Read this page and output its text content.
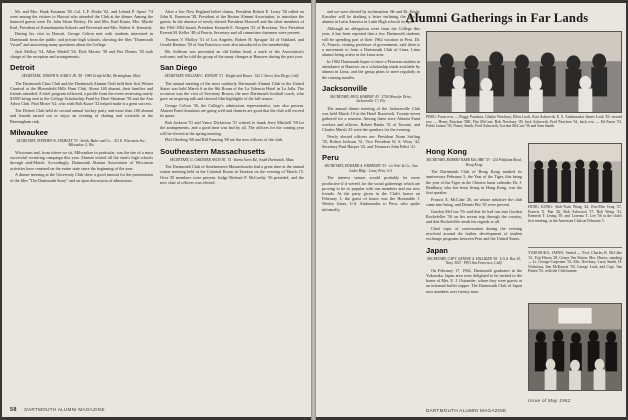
Mr. and Mrs. Hank Eastman '38, Col. L.F. Drake '62, and Leland P. Spore '74 were among the visitors to Hawaii who attended the Club at the dinner. Among the honored guests were Dr. John Sloan Dickey, Dr. and Mrs. Karl Kautz, Mrs. Myrtle Karl, President of Kamehameha Schools and Reverend and Mrs. Robert A. Kennedy.

During his visit in Hawaii, George Colton met with students interested in Dartmouth from the public and private high schools, showing the film "Dartmouth Visual" and answering many questions about the College.

Jack Molloy '54, Allen Wadell '54, Dick Mosier '38 and Fitz Dennis '30 took charge of the reception and arrangements.

Detroit

SECRETARY, JOSEPH W. KARLY JR. '58 · 1980 Grisfield Rd., Birmingham, Mich.

The Dartmouth Class Club and the Dartmouth Alumni Club held their first Winter Carnival at the Bloomfield Hills Hunt Club. About 140 alumni, their families and friends attended. A brief program followed, a profile from the event reviewing nearly $1500 being sent to the College Scholarship Fund by Dave Sherman '58 and the Ann Arbor Club. Paul Moser '62, who with Bob Kuser '32 helped make it a great success.

The Detroit Club held its second annual hockey party and more than 100 alumni and friends turned out to enjoy an evening of skating and cocktails at the Birmingham rink.

Milwaukee

SECRETARY, STEPHEN W. STAMLEY '53 · Smith, Baker and Co. · 411 E. Wisconsin Ave., Milwaukee 2, Wis.

Wisconsin and, from where we sit, Milwaukee in particular, was the site of a most successful recruiting campaign this year. Alumni visited all the state's high schools through mid-March. Accordingly, Dartmouth Alumni Association of Wisconsin activities have centered on the entire state since the beginning of the year.

A dinner meeting at the University Club drew a good turnout for the presentation of the film "The Dartmouth Story" and an open discussion of admissions.

After a few New England belief claims, President Robert E. Leary '50 called on John K. Emerson '38, President of the Boston Alumni Association, to introduce the guests. In the absence of newly elected President Maxwell and the other members of the 1961-1962 board, President Kenneth E. Norgren '52 of Brockton, Vice President Everett M. Keller '48 of Peoria, Secretary and all committee chairmen were present.

Thomas V. Molloy '51 of Los Angeles, Robert H. Sprague '44 of Oakland, and Gerald Haskins '50 of San Francisco were also introduced to the membership.

Mr. Sullivan was presented an old Indian head, a mark of the Association's welcome, and he told the group of the many changes at Hanover during the past year.

San Diego

SECRETARY, WILLIAM C. KNIGHT '51 · Knight and Bowes · 522 C Street, San Diego, Calif.

The annual meeting of the most southerly Dartmouth Alumni Club in the United States was held March 6 in the Ski Room of the La Valencia Hotel in La Jolla. The occasion was the visit of Secretary Brown, the new Dartmouth football coach, who gave an inspiring talk and showed film highlights of the fall season.

George Colton '36, the College's admissions representative, was also present. Alumni Fund donations are going well and chances are good that the club will exceed its quota.

Bob Jackson '51 and Vance Dickerson '51 wished to thank Jerry Mitchell '58 for the arrangements, and a good time was had by all. The officers for the coming year will be elected at the spring meeting.

Phil Oberling '68 and Bill Fanning '69 are the new officers of the club.

Southeastern Massachusetts

SECRETARY, G. GARDNER ASCH JR. '51 · Kama Acres Rd., South Dartmouth, Mass.

The Dartmouth Club of Southeastern Massachusetts had a great time at the annual winter meeting held at the Colonial Room in Taunton on the evening of March 15. Over 50 members were present. Judge Richard P. McCarthy '36 presided, and the new slate of officers was elected.

58 DARTMOUTH ALUMNI MAGAZINE

and we were elected by acclamation. He and Dr. Emily Kavalier will be drafting a letter outlining the idea to alumni in Latin America in Latin High schools in April.

Although no delegation went from the College this year, it has been reported that a few Dartmouth students will be spending part of their 1962 vacation in Peru. Dr. A. Francis, visiting professor of government, said there is a movement to form a Dartmouth Club of Lima, Lima alumni being active in the Lima area.

In 1962 Dartmouth hopes to have a Peruvian student in attendance at Hanover on a scholarship made available by alumni in Lima, and the group plans to meet regularly in the coming months.

Jacksonville

SECRETARY, PAUL HARPER '43 · 3728 Monofer Drive, Jacksonville 17, Fla.

The annual dinner meeting of the Jacksonville Club was held March 10 at the Hotel Roosevelt. Twenty-seven gathered for a reunion. Among them were Alumni Fund workers and officers. Robert Banks '31 of Toronto, and Charles Marsh '43 were the speakers for the evening.

Newly elected officers are: President Norm Stirling '35, Robert Jackson '31, Vice President W. S. Wray '42, Secretary Paul Harper '43, and Treasurer John Pabst '41.

Peru

SECRETARY, EDWARD A. FAIRBURN '53 · c/o Weir & Co., San Isidro Bldg. · Lima, Peru, S.A.

The interest season would probably be more productive if it weren't for the social gatherings which are proving to be so popular with our members and our new friends. At the party given in the Club's honor on February 1, the guest of honor was the Honorable J. Wesley Jones, U.S. Ambassador to Peru, who spoke informally.

Alumni Gatherings in Far Lands
PERU: Front row — Peggy Pauchon, Gladys Newbury, Ellen Look, Kati Ashworth, E. S. Ambassador James Look '29, second row — Henry Pauchon '38E, Fitz McCrae, Bob Newbury '49, Jack Ashworth, Fred Pauchon '61, back row — Ed Faron '53, Pablo Letzna '58, Nancy Smith, Fred Ashworth, Gordon McCrae '56 and Sam Smith.

Hong Kong

SECRETARY, ROBERT KARR McCABE '53 · 124 Pokfulam Road, Hong Kong

The Dartmouth Club of Hong Kong marked its anniversary February 5, the Year of the Tiger, this being the year of the Tiger in the Chinese lunar calendar. Dr. J. Bradbury, who has been living in Hong Kong, was the first speaker.

Francis X. McCabe '26, on whose initiative the club came into being, and Dennis Pitt '35 were present.

Gordon McCrae '55 said that he had run into Gordon Rockefeller '56 on his recent trip through the country, and that Rockefeller sends his regards to all.

Chief topic of conversation during the evening revolved around the further development of student exchange programs between Peru and the United States.

Japan

SECRETARY, CAPT. GENESE A. HILLIKER '38 · U.S.A. Box 19, Navy 3923 · FPO San Francisco, Calif.

On February 17, 1962, Dartmouth graduates in the Yokosuka, Japan area were delighted to be invited to the home of Mrs. E. J. Ostrander, where they were guests at an informal buffet supper. The Dartmouth Club of Japan now numbers over twenty men.

HONG KONG: Shih-Tsuh Wong '44, Fon-Min Tong '27, Francis X. Pan '26, Bob Ashwood '17, Bob Wong '31, Kenneth T. Leung '39, and Lorenzo T. Lee '56 at the club's first meeting, at the American Club on February 5.
YOKOSUKA, JAPAN: Seated — Prof. Charles R. McCabe '41, Yoji Hirota '28, Genye Van Patten, Mrs. Hirota; standing — Lt. George Carpenter '55, Mrs. Newbury, Larry Smith, H. Nicholaas, Jim McKenzie '59, George Lord, and Capt. Van Patten '53, with the Club banner.
DARTMOUTH ALUMNI MAGAZINE
Issue of May 1962
